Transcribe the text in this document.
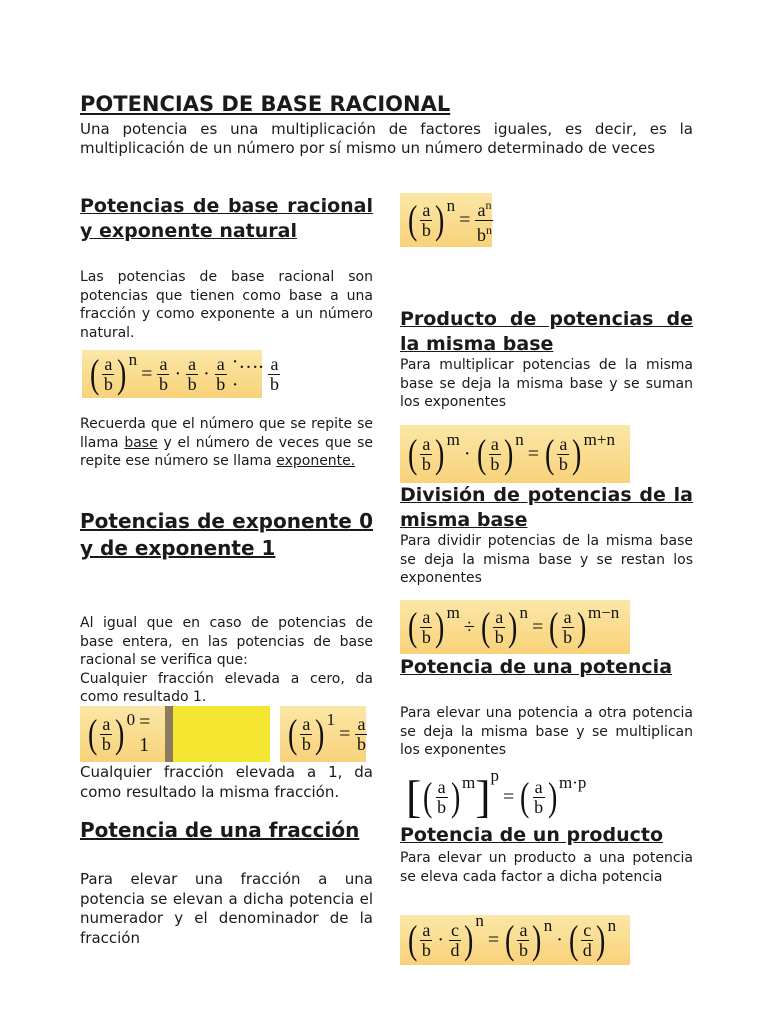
POTENCIAS DE BASE RACIONAL
Una potencia es una multiplicación de factores iguales, es decir, es la multiplicación de un número por sí mismo un número determinado de veces
Potencias de base racional y exponente natural
Las potencias de base racional son potencias que tienen como base a una fracción y como exponente a un número natural.
( $\frac{a}{b}$ ) n
= $\frac{a}{b} \cdot \frac{a}{b} \cdot \frac{a}{b}$ ·…. ·	$\frac{a}{b}$
Recuerda que el número que se repite se llama base y el número de veces que se repite ese número se llama exponente.
Potencias de exponente 0 y de exponente 1
Al igual que en caso de potencias de base entera, en las potencias de base racional se verifica que:
Cualquier fracción elevada a cero, da como resultado 1.
( $\frac{a}{b}$ ) 0 = 1	( $\frac{a}{b}$ ) 1
= $\frac{a}{b}$
Cualquier fracción elevada a 1, da como resultado la misma fracción.
Potencia de una fracción
Para elevar una fracción a una potencia se elevan a dicha potencia el numerador y el denominador de la fracción
( $\frac{a}{b}$ ) n
= $\frac{a^n}{b^n}$
Producto de potencias de la misma base
Para multiplicar potencias de la misma base se deja la misma base y se suman los exponentes
( $\frac{a}{b}$ ) m
· ( $\frac{a}{b}$ ) n
= ( $\frac{a}{b}$ ) m+n
División de potencias de la misma base
Para dividir potencias de la misma base se deja la misma base y se restan los exponentes
( $\frac{a}{b}$ ) m
÷ ( $\frac{a}{b}$ ) n
= ( $\frac{a}{b}$ ) m−n
Potencia de una potencia
Para elevar una potencia a otra potencia se deja la misma base y se multiplican los exponentes
[ ( $\frac{a}{b}$ ) m ] p
= ( $\frac{a}{b}$ ) m·p
Potencia de un producto
Para elevar un producto a una potencia se eleva cada factor a dicha potencia
( $\frac{a}{b} \cdot \frac{c}{d}$ ) n
= ( $\frac{a}{b}$ ) n
· ( $\frac{c}{d}$ ) n
